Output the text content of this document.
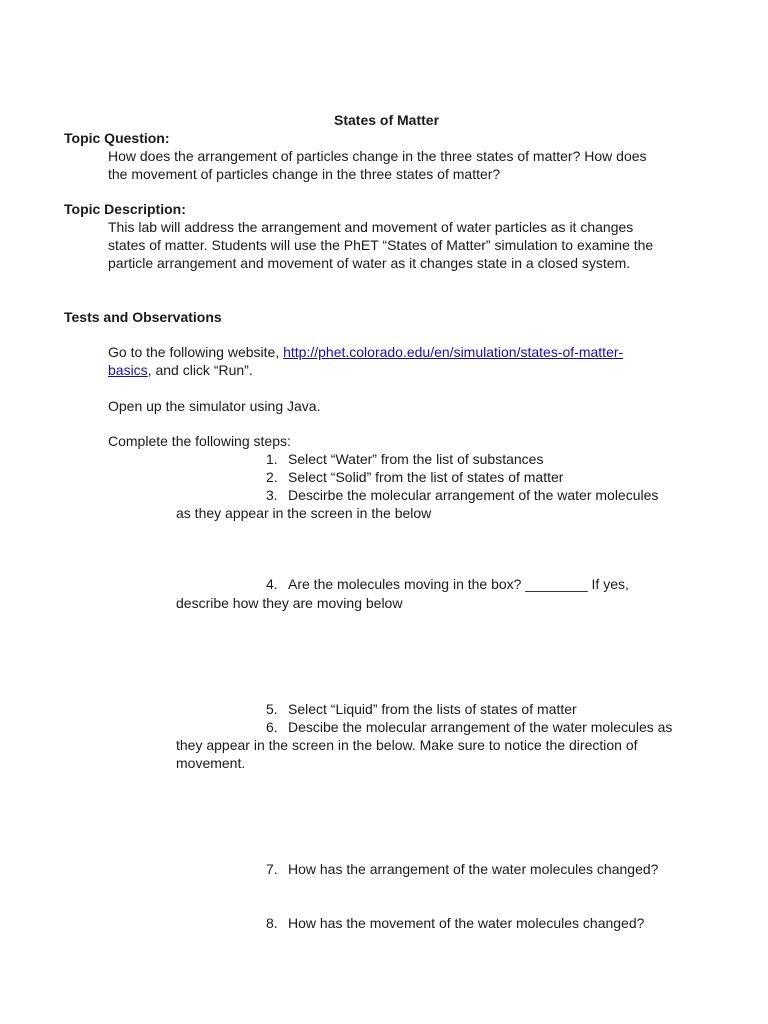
States of Matter
Topic Question:
How does the arrangement of particles change in the three states of matter? How does
the movement of particles change in the three states of matter?
Topic Description:
This lab will address the arrangement and movement of water particles as it changes
states of matter. Students will use the PhET “States of Matter” simulation to examine the
particle arrangement and movement of water as it changes state in a closed system.
Tests and Observations
Go to the following website, http://phet.colorado.edu/en/simulation/states-of-matter-
basics, and click “Run”.
Open up the simulator using Java.
Complete the following steps:
1. Select “Water” from the list of substances
2. Select “Solid” from the list of states of matter
3. Descirbe the molecular arrangement of the water molecules
as they appear in the screen in the below
4. Are the molecules moving in the box? ________ If yes,
describe how they are moving below
5. Select “Liquid” from the lists of states of matter
6. Descibe the molecular arrangement of the water molecules as
they appear in the screen in the below. Make sure to notice the direction of
movement.
7. How has the arrangement of the water molecules changed?
8. How has the movement of the water molecules changed?
